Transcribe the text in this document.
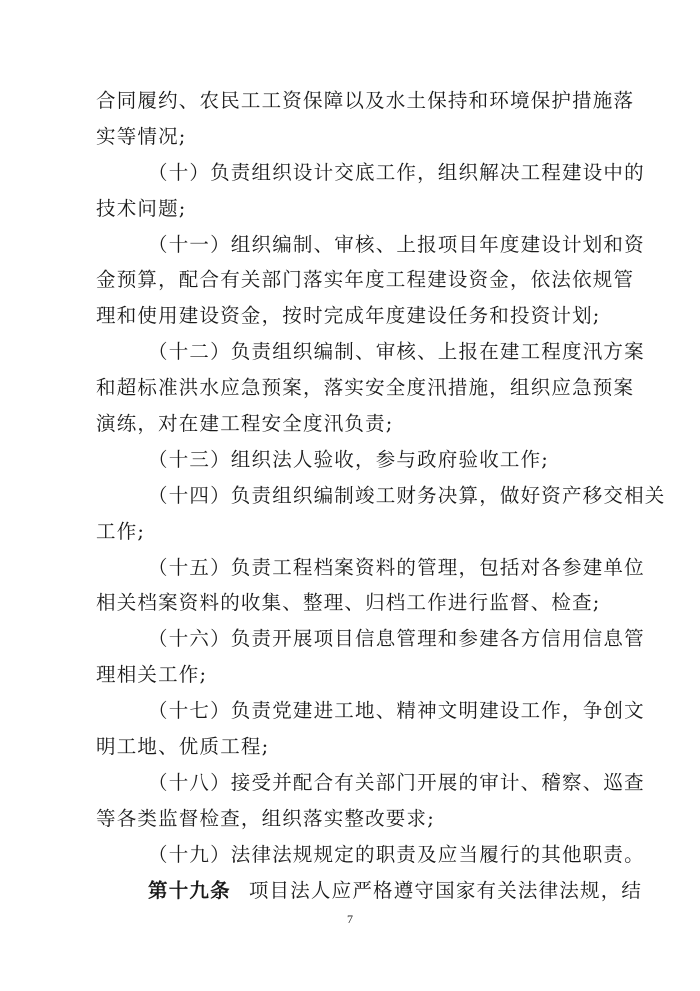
合同履约、农民工工资保障以及水土保持和环境保护措施落
实等情况;
（十）负责组织设计交底工作，组织解决工程建设中的
技术问题;
（十一）组织编制、审核、上报项目年度建设计划和资
金预算，配合有关部门落实年度工程建设资金，依法依规管
理和使用建设资金，按时完成年度建设任务和投资计划;
（十二）负责组织编制、审核、上报在建工程度汛方案
和超标准洪水应急预案，落实安全度汛措施，组织应急预案
演练，对在建工程安全度汛负责;
（十三）组织法人验收，参与政府验收工作;
（十四）负责组织编制竣工财务决算，做好资产移交相关
工作;
（十五）负责工程档案资料的管理，包括对各参建单位
相关档案资料的收集、整理、归档工作进行监督、检查;
（十六）负责开展项目信息管理和参建各方信用信息管
理相关工作;
（十七）负责党建进工地、精神文明建设工作，争创文
明工地、优质工程;
（十八）接受并配合有关部门开展的审计、稽察、巡查
等各类监督检查，组织落实整改要求;
（十九）法律法规规定的职责及应当履行的其他职责。
第十九条 项目法人应严格遵守国家有关法律法规，结
7
